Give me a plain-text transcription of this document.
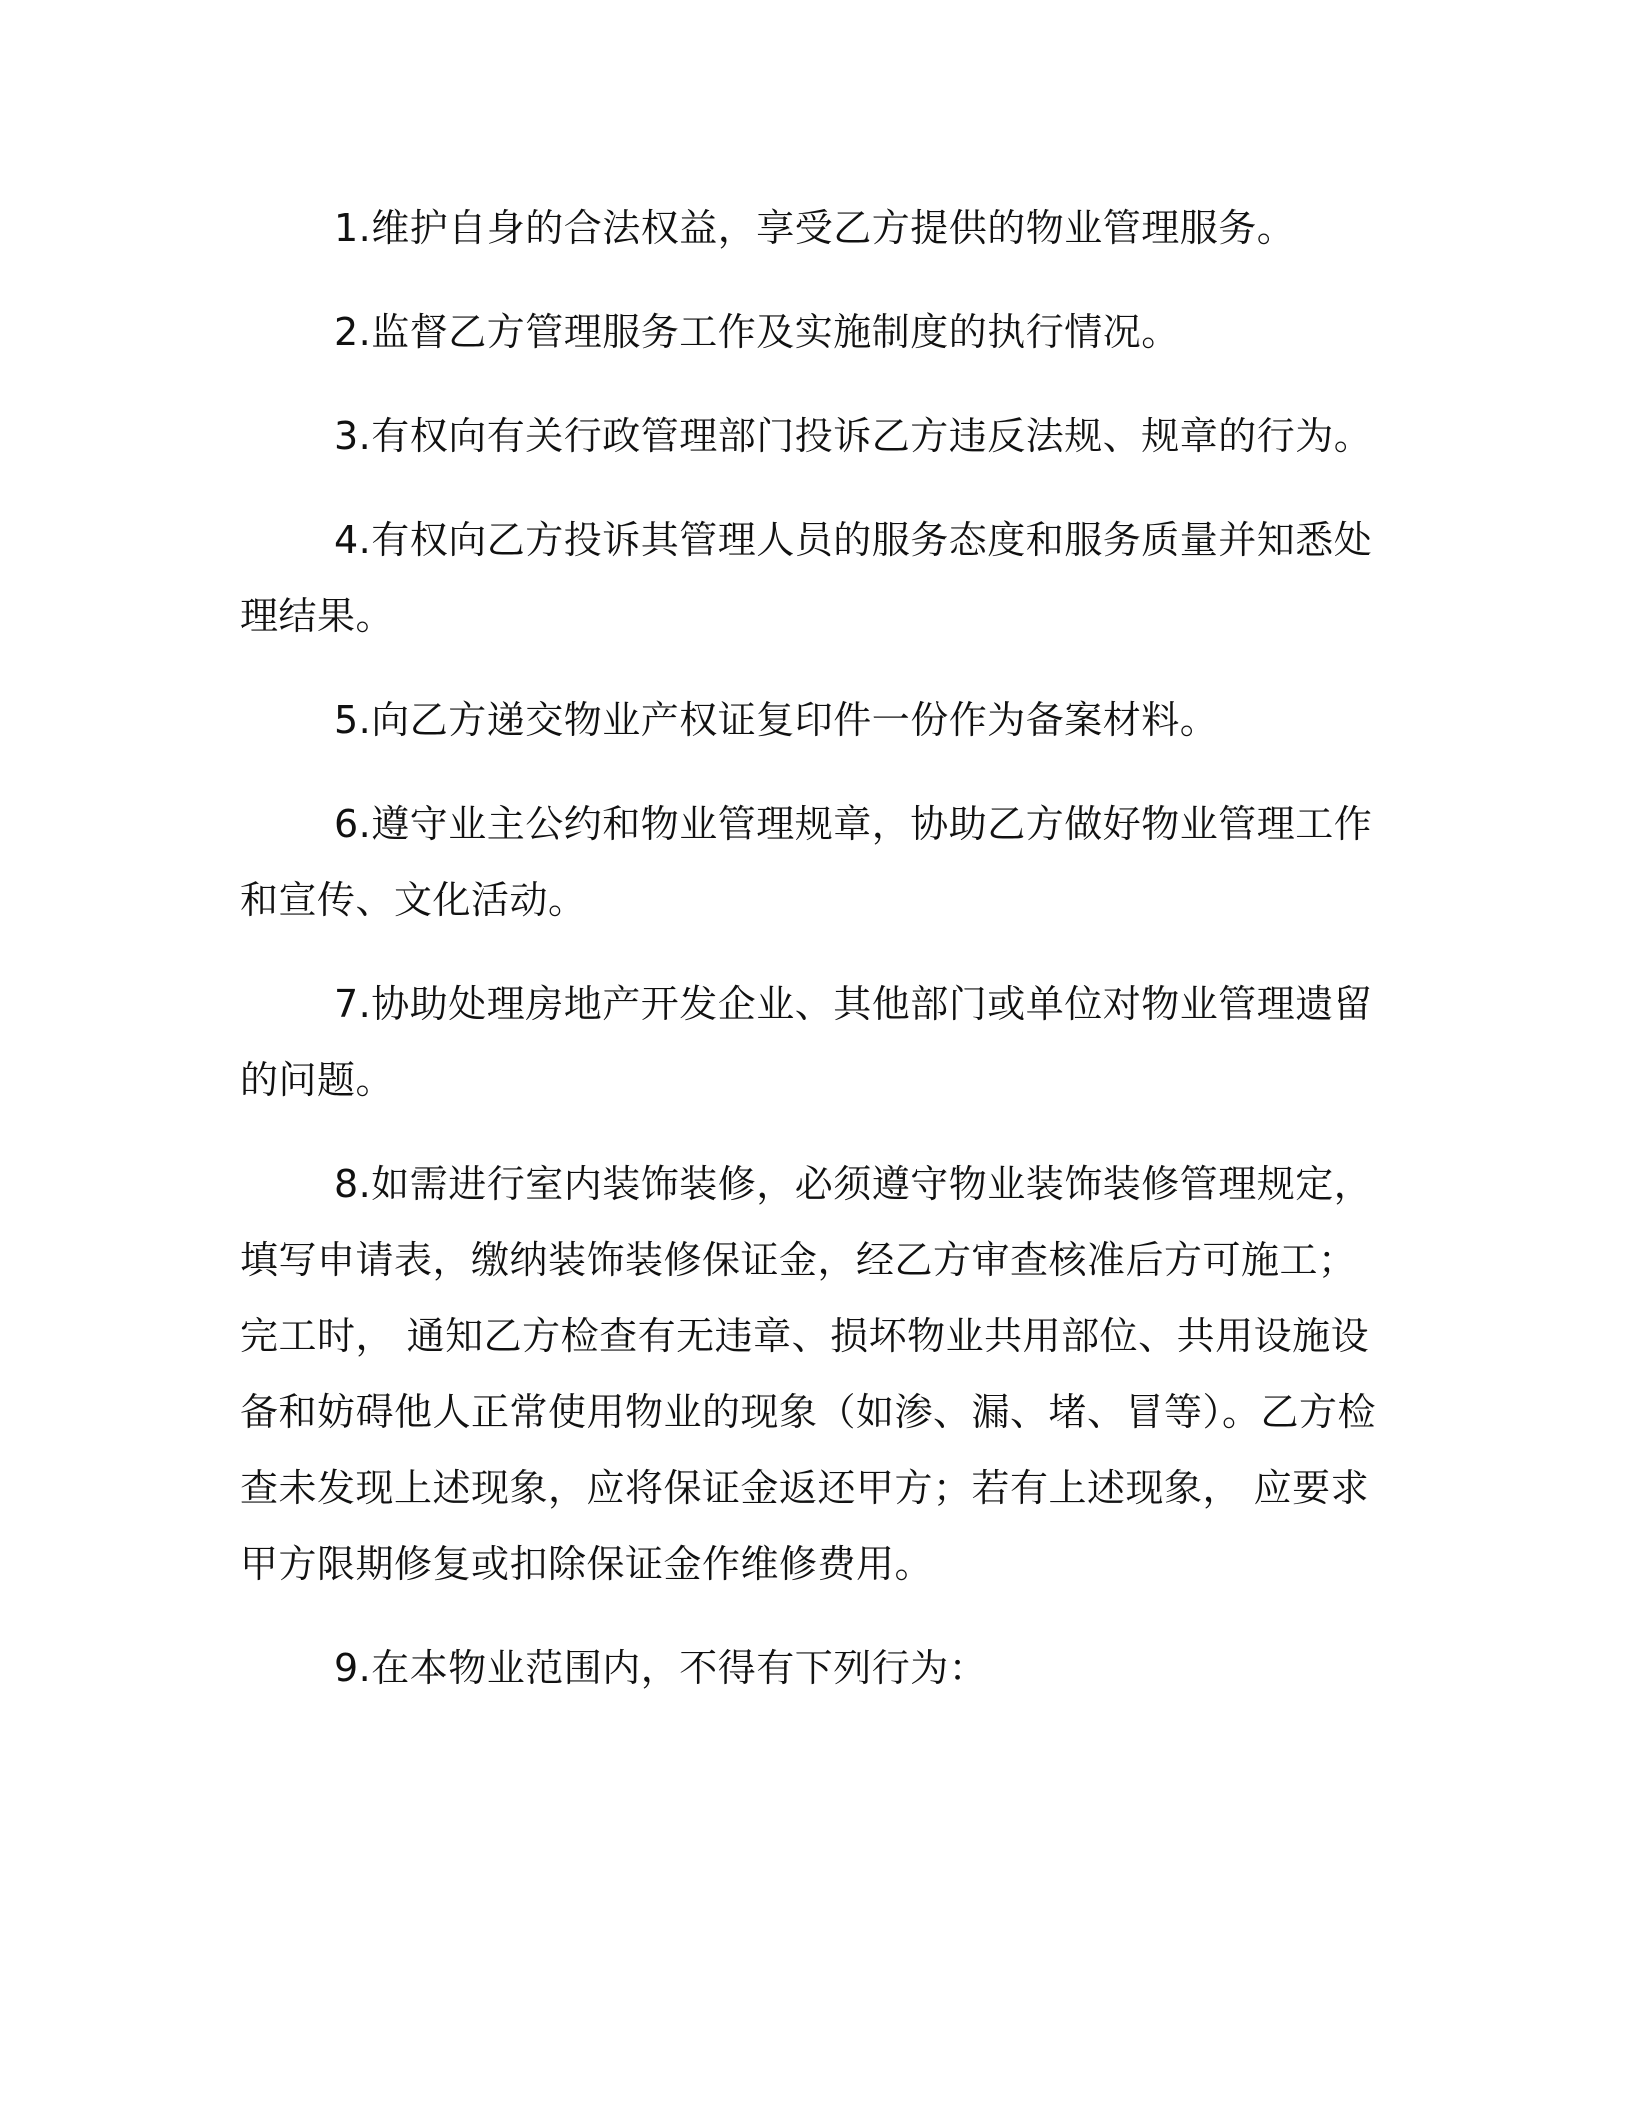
1.维护自身的合法权益，享受乙方提供的物业管理服务。

2.监督乙方管理服务工作及实施制度的执行情况。

3.有权向有关行政管理部门投诉乙方违反法规、规章的行为。

4.有权向乙方投诉其管理人员的服务态度和服务质量并知悉处理结果。

5.向乙方递交物业产权证复印件一份作为备案材料。

6.遵守业主公约和物业管理规章，协助乙方做好物业管理工作和宣传、文化活动。

7.协助处理房地产开发企业、其他部门或单位对物业管理遗留的问题。

8.如需进行室内装饰装修，必须遵守物业装饰装修管理规定，填写申请表，缴纳装饰装修保证金，经乙方审查核准后方可施工；完工时， 通知乙方检查有无违章、损坏物业共用部位、共用设施设备和妨碍他人正常使用物业的现象（如渗、漏、堵、冒等）。乙方检查未发现上述现象，应将保证金返还甲方；若有上述现象， 应要求甲方限期修复或扣除保证金作维修费用。

9.在本物业范围内，不得有下列行为：
